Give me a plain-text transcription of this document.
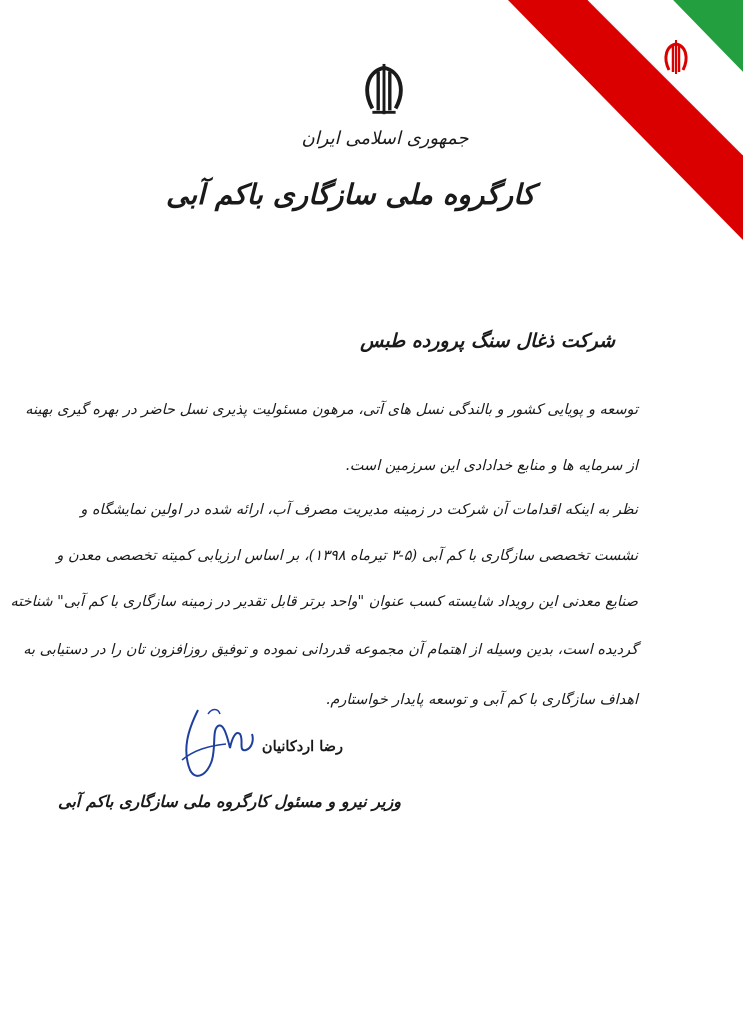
جمهوری اسلامی ایران
کارگروه ملی سازگاری باکم آبی
شرکت ذغال سنگ پرورده طبس
توسعه و پویایی کشور و بالندگی نسل های آتی، مرهون مسئولیت پذیری نسل حاضر در بهره گیری بهینه
از سرمایه ها و منابع خدادادی این سرزمین است.
نظر به اینکه اقدامات آن شرکت در زمینه مدیریت مصرف آب، ارائه شده در اولین نمایشگاه و
نشست تخصصی سازگاری با کم آبی (۵-۳ تیرماه ۱۳۹۸)، بر اساس ارزیابی کمیته تخصصی معدن و
صنایع معدنی این رویداد شایسته کسب عنوان "واحد برتر قابل تقدیر در زمینه سازگاری با کم آبی" شناخته
گردیده است، بدین وسیله از اهتمام آن مجموعه قدردانی نموده و توفیق روزافزون تان را در دستیابی به
اهداف سازگاری با کم آبی و توسعه پایدار خواستارم.
رضا اردکانیان
وزیر نیرو و مسئول کارگروه ملی سازگاری باکم آبی
